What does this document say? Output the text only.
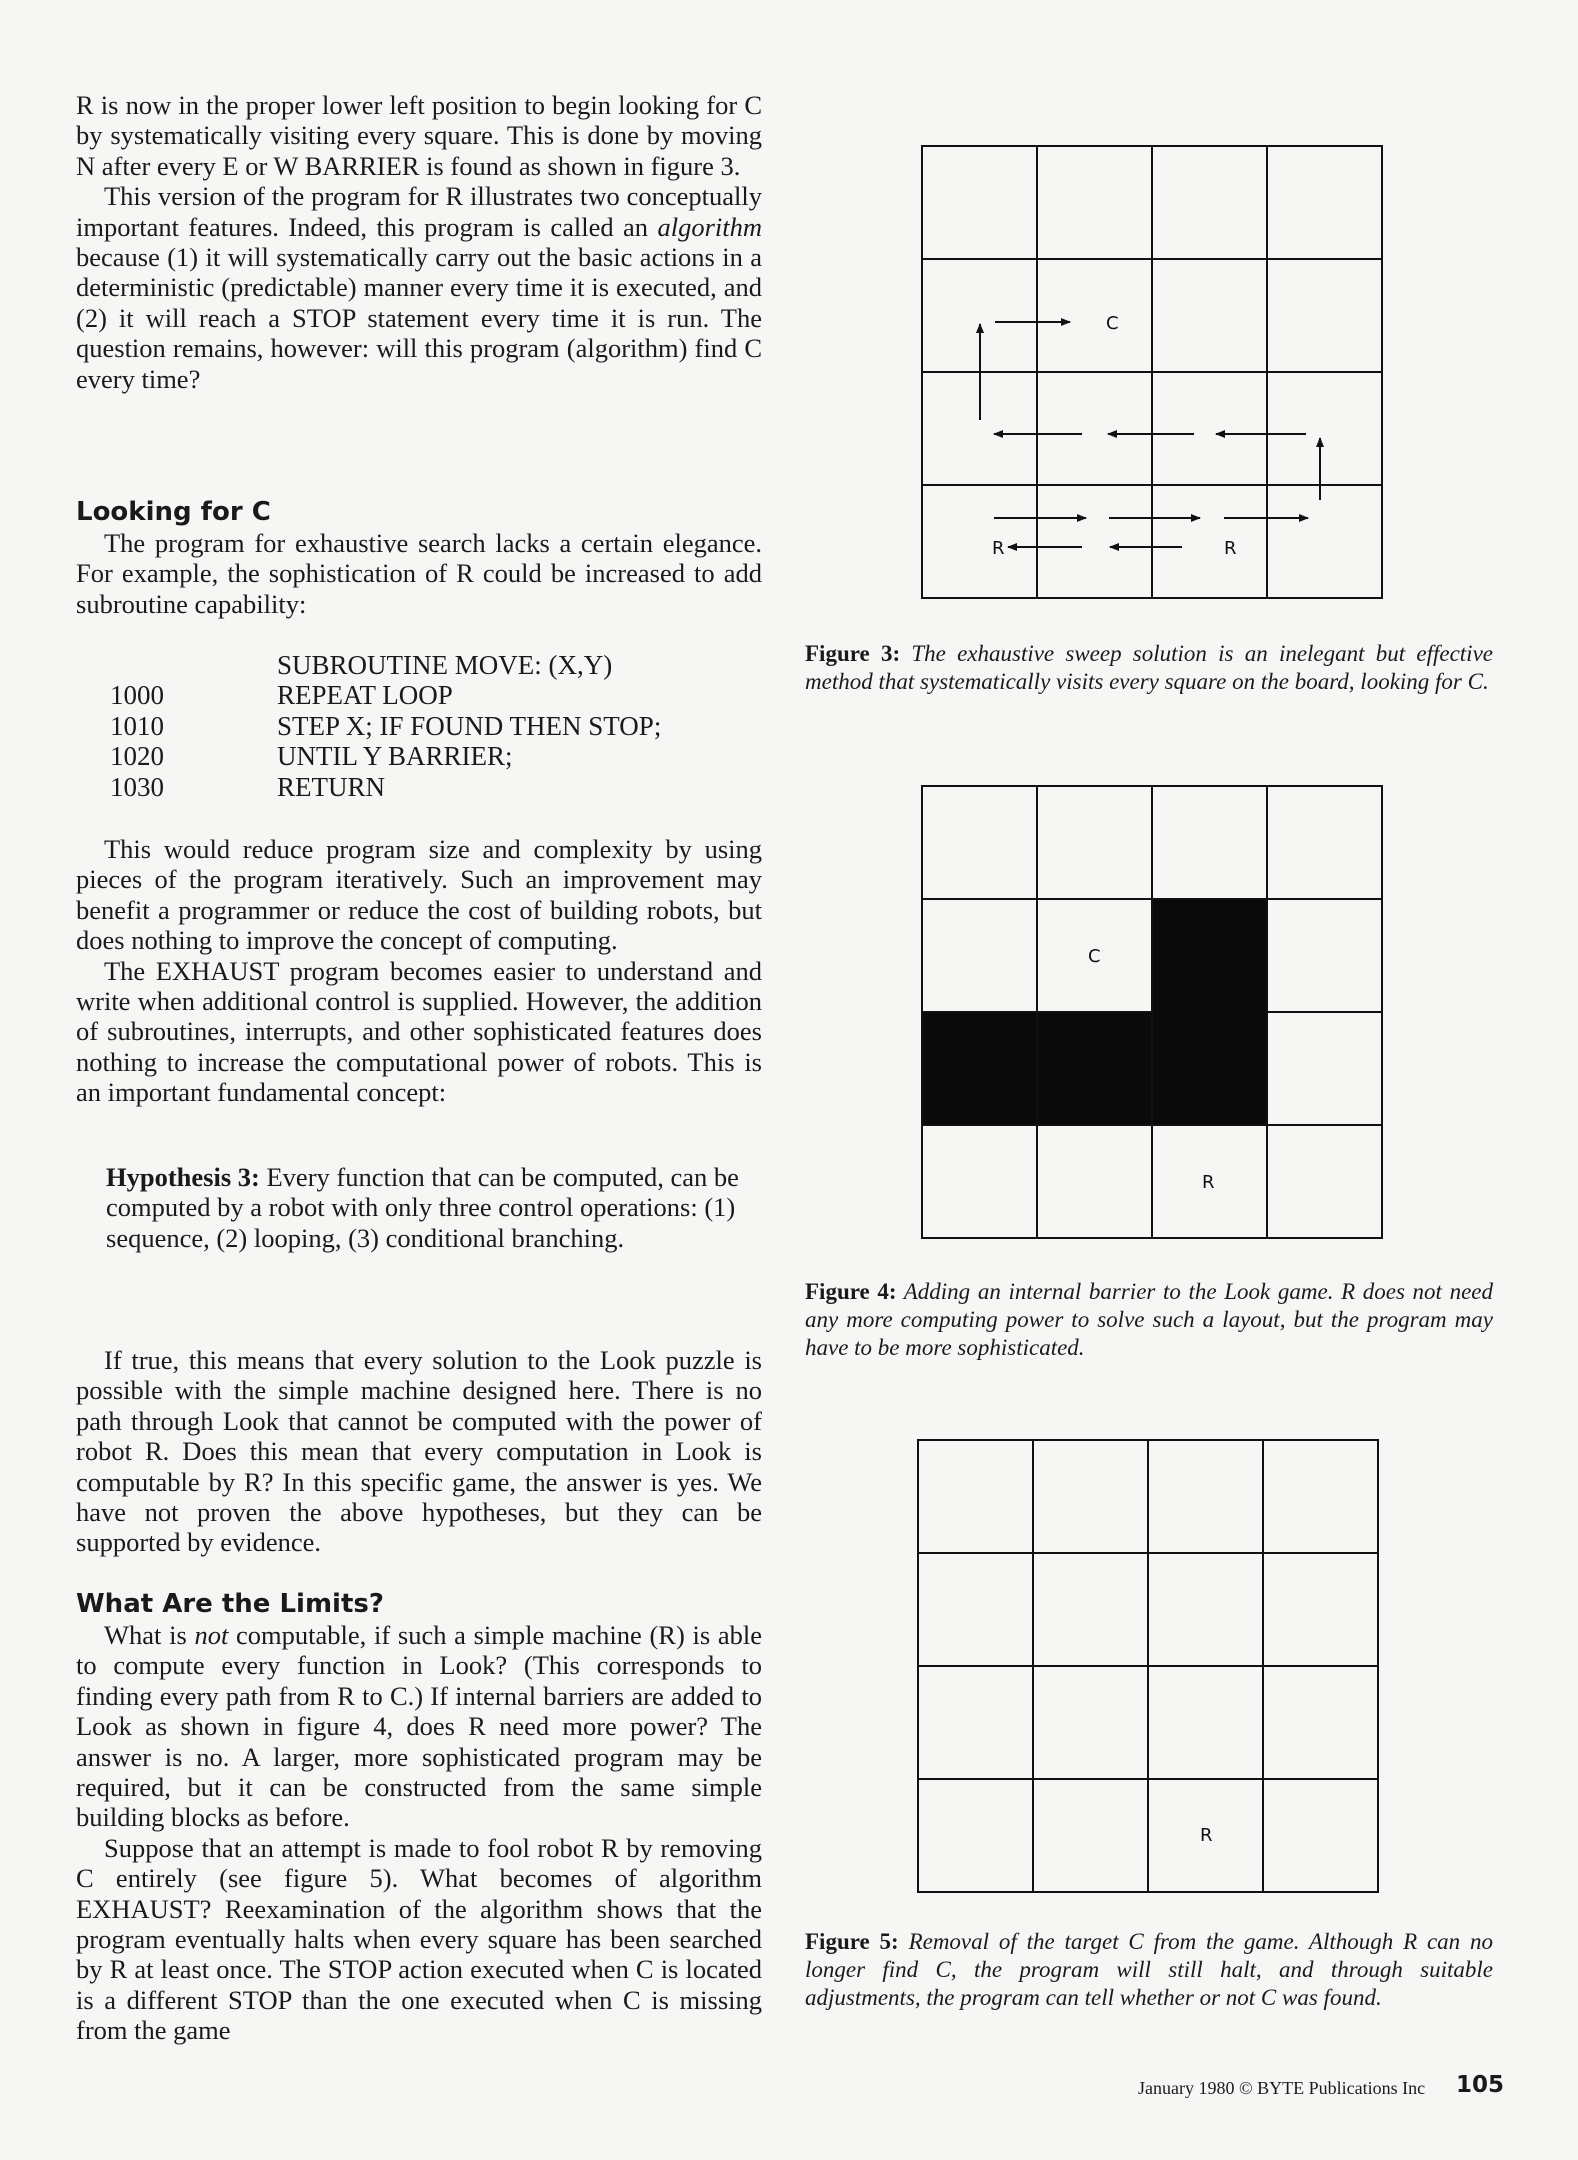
R is now in the proper lower left position to begin looking for C by systematically visiting every square. This is done by moving N after every E or W BARRIER is found as shown in figure 3.

This version of the program for R illustrates two conceptually important features. Indeed, this program is called an algorithm because (1) it will systematically carry out the basic actions in a deterministic (predictable) manner every time it is executed, and (2) it will reach a STOP statement every time it is run. The question remains, however: will this program (algorithm) find C every time?

Looking for C

The program for exhaustive search lacks a certain elegance. For example, the sophistication of R could be increased to add subroutine capability:

SUBROUTINE MOVE: (X,Y)
1000	REPEAT LOOP
1010	STEP X; IF FOUND THEN STOP;
1020	UNTIL Y BARRIER;
1030	RETURN

This would reduce program size and complexity by using pieces of the program iteratively. Such an improvement may benefit a programmer or reduce the cost of building robots, but does nothing to improve the concept of computing.

The EXHAUST program becomes easier to understand and write when additional control is supplied. However, the addition of subroutines, interrupts, and other sophisticated features does nothing to increase the computational power of robots. This is an important fundamental concept:

Hypothesis 3: Every function that can be computed, can be computed by a robot with only three control operations: (1) sequence, (2) looping, (3) conditional branching.

If true, this means that every solution to the Look puzzle is possible with the simple machine designed here. There is no path through Look that cannot be computed with the power of robot R. Does this mean that every computation in Look is computable by R? In this specific game, the answer is yes. We have not proven the above hypotheses, but they can be supported by evidence.

What Are the Limits?

What is not computable, if such a simple machine (R) is able to compute every function in Look? (This corresponds to finding every path from R to C.) If internal barriers are added to Look as shown in figure 4, does R need more power? The answer is no. A larger, more sophisticated program may be required, but it can be constructed from the same simple building blocks as before.

Suppose that an attempt is made to fool robot R by removing C entirely (see figure 5). What becomes of algorithm EXHAUST? Reexamination of the algorithm shows that the program eventually halts when every square has been searched by R at least once. The STOP action executed when C is located is a different STOP than the one executed when C is missing from the game

C
R	R
Figure 3: The exhaustive sweep solution is an inelegant but effective method that systematically visits every square on the board, looking for C.
C
R
Figure 4: Adding an internal barrier to the Look game. R does not need any more computing power to solve such a layout, but the program may have to be more sophisticated.
R
Figure 5: Removal of the target C from the game. Although R can no longer find C, the program will still halt, and through suitable adjustments, the program can tell whether or not C was found.
January 1980 © BYTE Publications Inc 105
